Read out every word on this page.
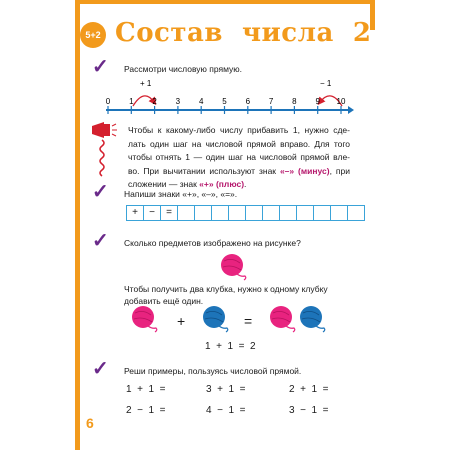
5+2 Состав  числа  2
✓ Рассмотри числовую прямую.
+ 1	− 1
0 1 2 3 4 5 6 7 8 9 10
Чтобы к какому-либо числу прибавить 1, нужно сде- лать один шаг на числовой прямой вправо. Для того чтобы отнять 1 — один шаг на числовой прямой вле- во. При вычитании используют знак «–» (минус), при сложении — знак «+» (плюс).
✓ Напиши знаки «+», «–», «=».
+	−	=
✓ Сколько предметов изображено на рисунке?
Чтобы получить два клубка, нужно к одному клубку
добавить ещё один.
+	=
1  +  1  =  2
✓ Реши примеры, пользуясь числовой прямой.
1  +  1  =	3  +  1  =	2  +  1  =
2  −  1  =	4  −  1  =	3  −  1  =
6
